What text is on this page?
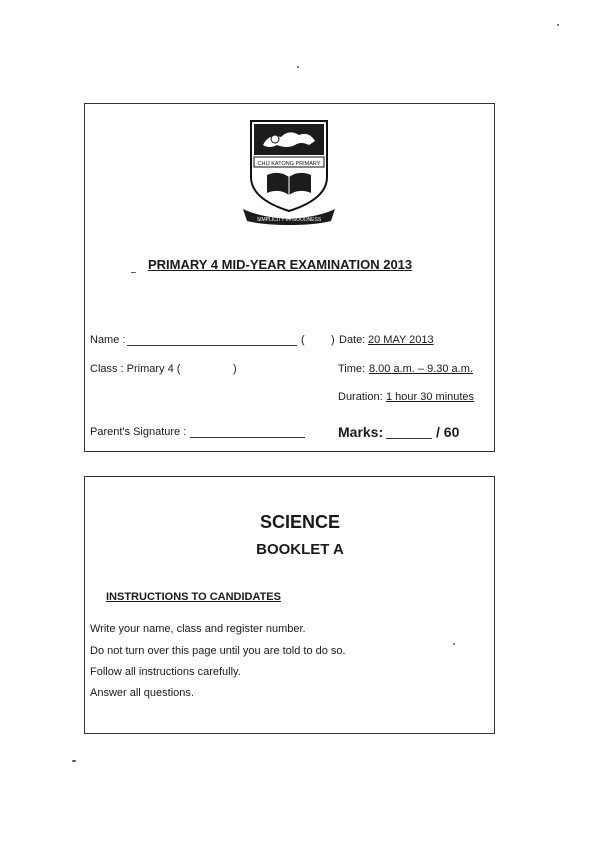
CHIJ KATONG PRIMARY
SIMPLICITY IN GOODNESS
PRIMARY 4 MID-YEAR EXAMINATION 2013
Name :	( ) Date: 20 MAY 2013
Class : Primary 4 (	)	Time: 8.00 a.m. – 9.30 a.m.
Duration: 1 hour 30 minutes
Parent's Signature :	Marks:	/ 60
SCIENCE
BOOKLET A
INSTRUCTIONS TO CANDIDATES
Write your name, class and register number.
Do not turn over this page until you are told to do so.
Follow all instructions carefully.
Answer all questions.
